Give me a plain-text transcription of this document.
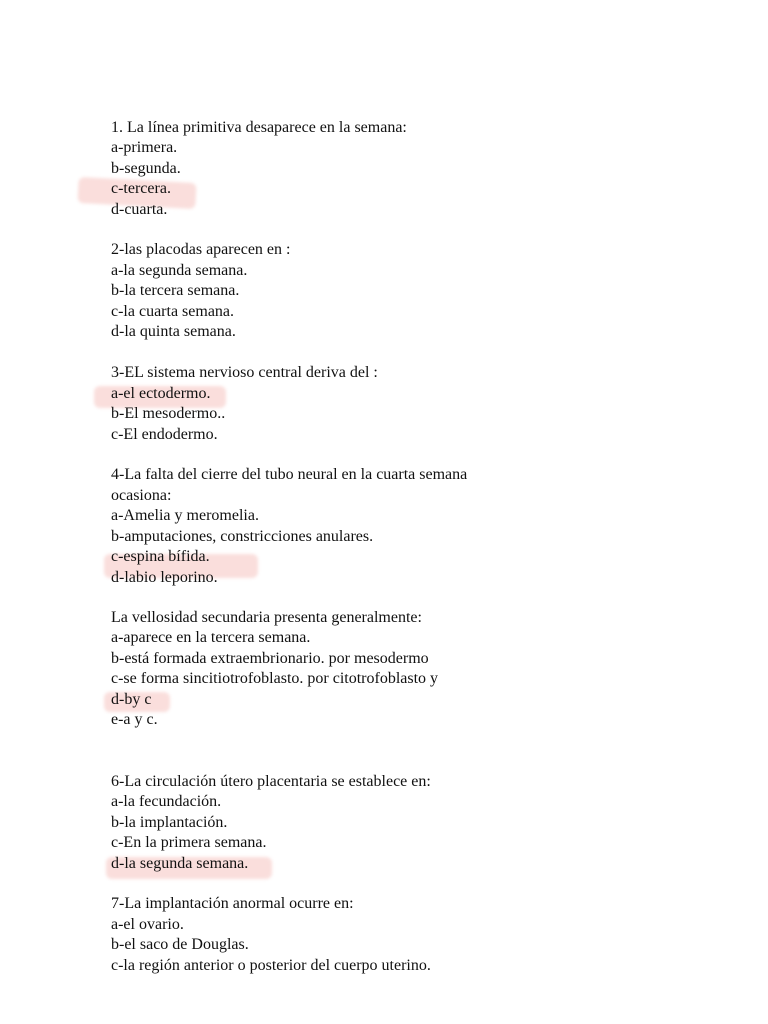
1. La línea primitiva desaparece en la semana:
a-primera.
b-segunda.
c-tercera.
d-cuarta.
2-las placodas aparecen en :
a-la segunda semana.
b-la tercera semana.
c-la cuarta semana.
d-la quinta semana.
3-EL sistema nervioso central deriva del :
a-el ectodermo.
b-El mesodermo..
c-El endodermo.
4-La falta del cierre del tubo neural en la cuarta semana
ocasiona:
a-Amelia y meromelia.
b-amputaciones, constricciones anulares.
c-espina bífida.
d-labio leporino.
La vellosidad secundaria presenta generalmente:
a-aparece en la tercera semana.
b-está formada extraembrionario. por mesodermo
c-se forma sincitiotrofoblasto. por citotrofoblasto y
d-by c
e-a y c.
6-La circulación útero placentaria se establece en:
a-la fecundación.
b-la implantación.
c-En la primera semana.
d-la segunda semana.
7-La implantación anormal ocurre en:
a-el ovario.
b-el saco de Douglas.
c-la región anterior o posterior del cuerpo uterino.
